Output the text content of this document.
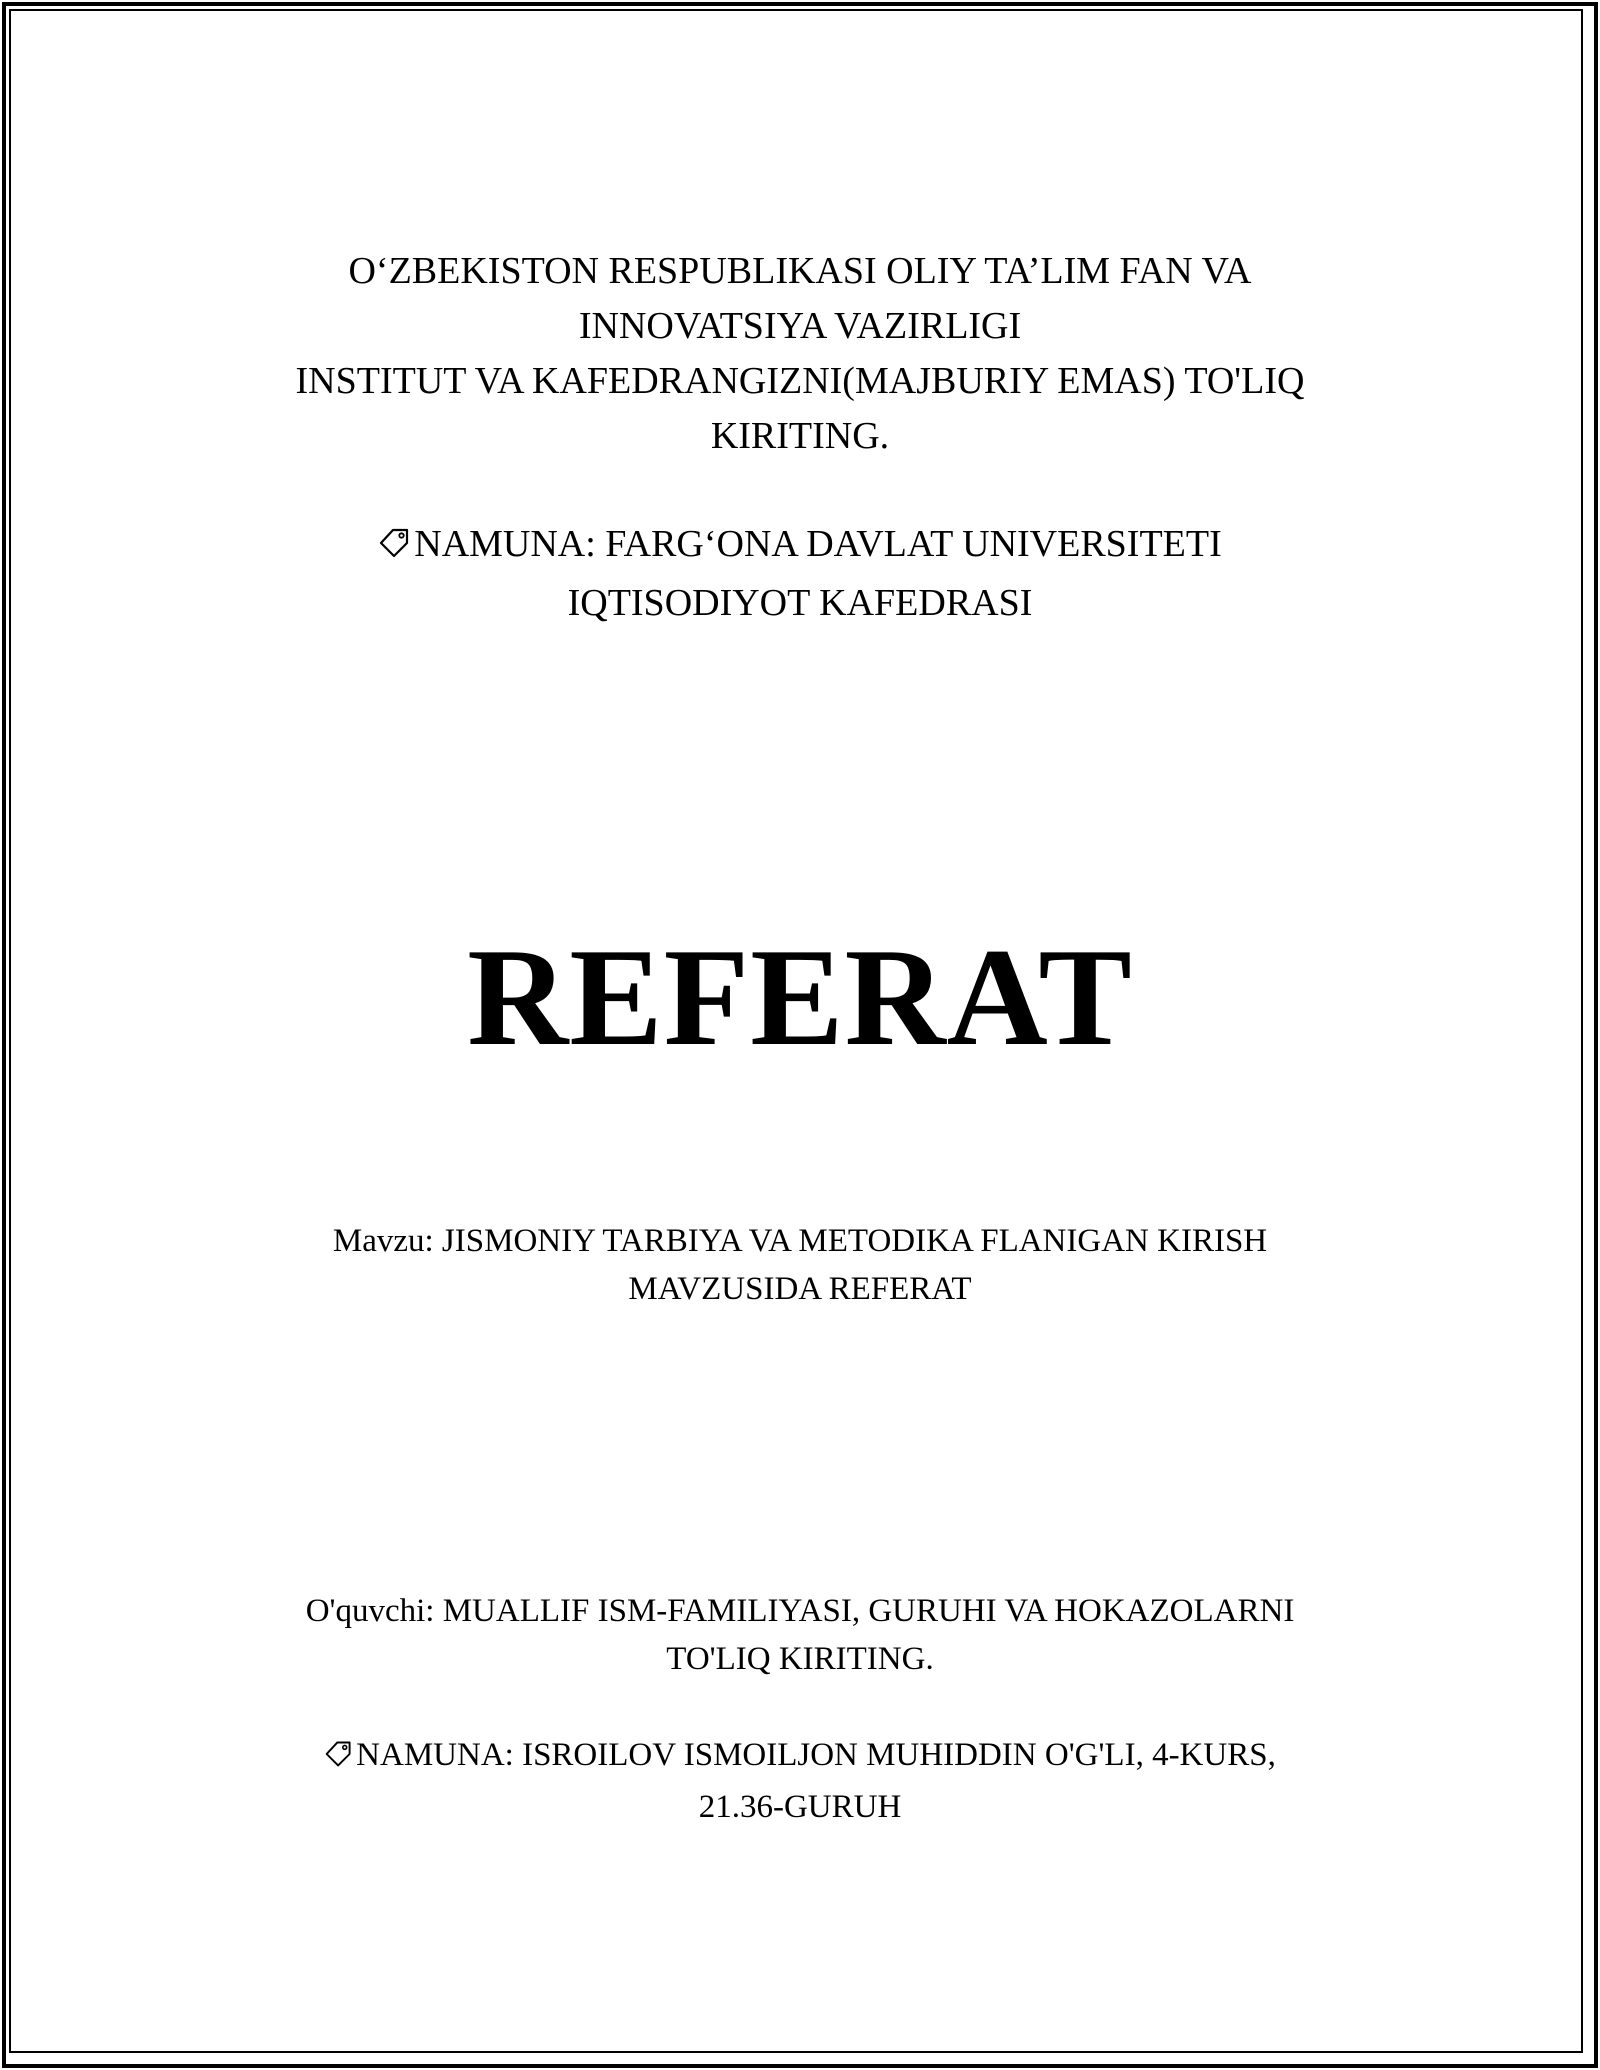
O‘ZBEKISTON RESPUBLIKASI OLIY TA’LIM FAN VA
INNOVATSIYA VAZIRLIGI
INSTITUT VA KAFEDRANGIZNI(MAJBURIY EMAS) TO'LIQ
KIRITING.
NAMUNA: FARG‘ONA DAVLAT UNIVERSITETI
IQTISODIYOT KAFEDRASI
REFERAT
Mavzu: JISMONIY TARBIYA VA METODIKA FLANIGAN KIRISH
MAVZUSIDA REFERAT
O'quvchi: MUALLIF ISM-FAMILIYASI, GURUHI VA HOKAZOLARNI
TO'LIQ KIRITING.
NAMUNA: ISROILOV ISMOILJON MUHIDDIN O'G'LI, 4-KURS,
21.36-GURUH
